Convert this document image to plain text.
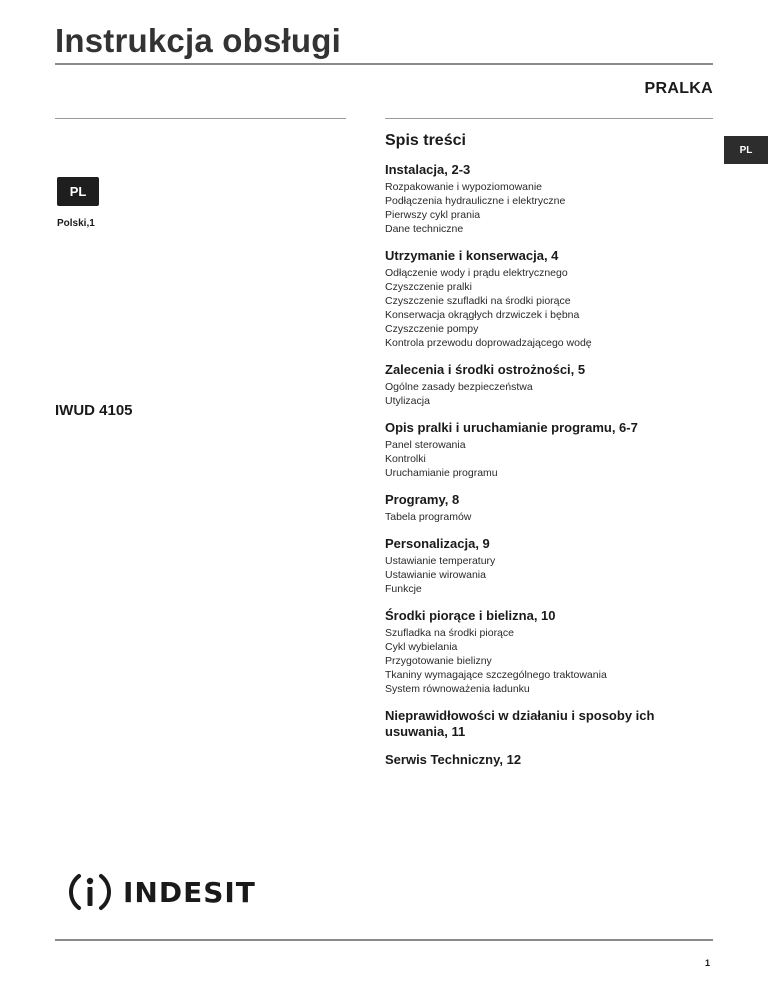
Instrukcja obsługi
PRALKA
PL
Polski,1
IWUD 4105
PL
Spis treści
Instalacja, 2-3
Rozpakowanie i wypoziomowanie
Podłączenia hydrauliczne i elektryczne
Pierwszy cykl prania
Dane techniczne
Utrzymanie i konserwacja, 4
Odłączenie wody i prądu elektrycznego
Czyszczenie pralki
Czyszczenie szufladki na środki piorące
Konserwacja okrągłych drzwiczek i bębna
Czyszczenie pompy
Kontrola przewodu doprowadzającego wodę
Zalecenia i środki ostrożności, 5
Ogólne zasady bezpieczeństwa
Utylizacja
Opis pralki i uruchamianie programu, 6-7
Panel sterowania
Kontrolki
Uruchamianie programu
Programy, 8
Tabela programów
Personalizacja, 9
Ustawianie temperatury
Ustawianie wirowania
Funkcje
Środki piorące i bielizna, 10
Szufladka na środki piorące
Cykl wybielania
Przygotowanie bielizny
Tkaniny wymagające szczególnego traktowania
System równoważenia ładunku
Nieprawidłowości w działaniu i sposoby ich usuwania, 11
Serwis Techniczny, 12
INDESIT
1
